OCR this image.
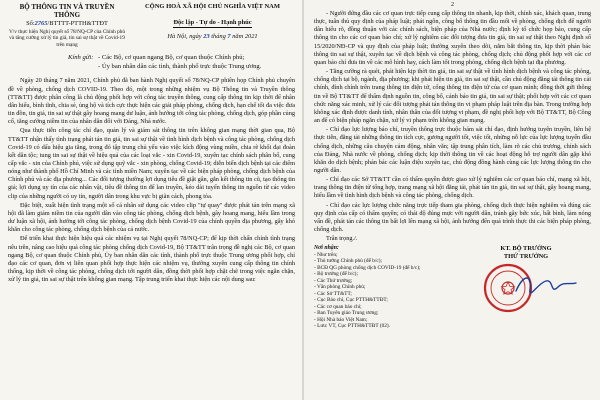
BỘ THÔNG TIN VÀ TRUYỀN THÔNG
Số:2765/BTTTT-PTTH&TTĐT
V/v thực hiện Nghị quyết số 78/NQ-CP của Chính phủ và tăng cường xử lý tin giả, tin sai sự thật về Covid-19 trên mạng
CỘNG HOÀ XÃ HỘI CHỦ NGHĨA VIỆT NAM
Độc lập - Tự do - Hạnh phúc
Hà Nội, ngày 23 tháng 7 năm 2021
Kính gửi: - Các Bộ, cơ quan ngang Bộ, cơ quan thuộc Chính phủ;
- Ủy ban nhân dân các tỉnh, thành phố trực thuộc Trung ương.

Ngày 20 tháng 7 năm 2021, Chính phủ đã ban hành Nghị quyết số 78/NQ-CP phiên họp Chính phủ chuyên đề về phòng, chống dịch COVID-19. Theo đó, một trong những nhiệm vụ Bộ Thông tin và Truyền thông (TT&TT) được phân công là chủ động phối hợp với công tác truyền thông, cung cấp thông tin kịp thời để nhân dân hiểu, bình tĩnh, chia sẻ, ủng hộ và tích cực thực hiện các giải pháp phòng, chống dịch, hạn chế tối đa việc đưa tin đồn, tin giả, tin sai sự thật gây hoang mang dư luận, ảnh hưởng tới công tác phòng, chống dịch, góp phần củng cố, tăng cường niềm tin của nhân dân đối với Đảng, Nhà nước.

Qua thực tiễn công tác chỉ đạo, quản lý và giám sát thông tin trên không gian mạng thời gian qua, Bộ TT&TT nhận thấy tình trạng phát tán tin giả, tin sai sự thật về tình hình dịch bệnh và công tác phòng, chống dịch Covid-19 có dấu hiệu gia tăng, trong đó tập trung chủ yếu vào việc kích động vùng miền, chia rẽ khối đại đoàn kết dân tộc; tung tin sai sự thật về hiệu quả của các loại vắc - xin Covid-19, xuyên tạc chính sách phân bổ, cung cấp vắc - xin của Chính phủ, việc sử dụng quỹ vắc - xin phòng, chống Covid-19; diễn biến dịch bệnh tại các điểm nóng như thành phố Hồ Chí Minh và các tỉnh miền Nam; xuyên tạc về các biện pháp phòng, chống dịch bệnh của Chính phủ và các địa phương... Các đối tượng thường lợi dụng tiêu đề giật gân, gắn kết thông tin cũ, tạo thông tin giả; lợi dụng uy tín của các nhân vật, tiêu đề thông tin để lan truyền, kéo dài tuyến thông tin nguồn từ các video clip của những người có uy tín, người dân trong khu vực bị giãn cách, phong tỏa.

Đặc biệt, xuất hiện tình trạng một số cá nhân sử dụng các video clip "tự quay" được phát tán trên mạng xã hội đã làm giảm niềm tin của người dân vào công tác phòng, chống dịch bệnh, gây hoang mang, hiểu lầm trong dư luận xã hội, ảnh hưởng tới công tác phòng, chống dịch bệnh Covid-19 của chính quyền địa phương, gây khó khăn cho công tác phòng, chống dịch bệnh của cả nước.

Để triển khai thực hiện hiệu quả các nhiệm vụ tại Nghị quyết 78/NQ-CP; để kịp thời chấn chỉnh tình trạng nêu trên, nâng cao hiệu quả công tác phòng chống dịch Covid-19, Bộ TT&TT trân trọng đề nghị các Bộ, cơ quan ngang Bộ, cơ quan thuộc Chính phủ, Ủy ban nhân dân các tỉnh, thành phố trực thuộc Trung ương phối hợp, chỉ đạo các cơ quan, đơn vị liên quan phối hợp thực hiện các nhiệm vụ, thường xuyên cung cấp thông tin chính thống, kịp thời về công tác phòng, chống dịch tới người dân, đồng thời phối hợp chặt chẽ trong việc ngăn chặn, xử lý tin giả, tin sai sự thật trên không gian mạng. Tập trung triển khai thực hiện các nội dung sau:

2

- Người đứng đầu các cơ quan trực tiếp cung cấp thông tin nhanh, kịp thời, chính xác, khách quan, trung thực, tuân thủ quy định của pháp luật; phát ngôn, công bố thông tin đầu mối về phòng, chống dịch để người dân hiểu rõ, đồng thuận với các chính sách, biện pháp của Nhà nước; định kỳ tổ chức họp báo, cung cấp thông tin cho các cơ quan báo chí; xử lý nghiêm các đối tượng đưa tin giả, tin sai sự thật theo Nghị định số 15/2020/NĐ-CP và quy định của pháp luật; thường xuyên theo dõi, nắm bắt thông tin, kịp thời phản bác thông tin sai sự thật, xuyên tạc về dịch bệnh và công tác phòng, chống dịch; chủ động phối hợp với các cơ quan báo chí đưa tin về các mô hình hay, cách làm tốt trong phòng, chống dịch bệnh tại địa phương.

- Tăng cường rà quét, phát hiện kịp thời tin giả, tin sai sự thật về tình hình dịch bệnh và công tác phòng, chống dịch tại bộ, ngành, địa phương; khi phát hiện tin giả, tin sai sự thật, cần chủ động đăng tải thông tin cải chính, đính chính trên trang thông tin điện tử, cổng thông tin điện tử của cơ quan mình; đồng thời gửi thông tin về Bộ TT&TT để thẩm định nguồn tin, công bố, cảnh báo tin giả, tin sai sự thật; phối hợp với các cơ quan chức năng xác minh, xử lý các đối tượng phát tán thông tin vi phạm pháp luật trên địa bàn. Trong trường hợp không xác định được danh tính, nhân thân của đối tượng vi phạm, đề nghị phối hợp với Bộ TT&TT, Bộ Công an để có biện pháp ngăn chặn, xử lý vi phạm trên không gian mạng.

- Chỉ đạo lực lượng báo chí, truyền thông trực thuộc bám sát chỉ đạo, định hướng tuyên truyền, liên hệ thực tiễn, đăng tải những thông tin tích cực, gương người tốt, việc tốt, những nỗ lực của lực lượng tuyến đầu chống dịch, những câu chuyện cảm động, nhân văn; tập trung phân tích, làm rõ các chủ trương, chính sách của Đảng, Nhà nước về phòng, chống dịch; kịp thời thông tin về các hoạt động hỗ trợ người dân gặp khó khăn do dịch bệnh; phản bác các luận điệu xuyên tạc, chủ động đồng hành cùng các lực lượng thông tin cho người dân.

- Chỉ đạo các Sở TT&TT cần có thẩm quyền được giao xử lý nghiêm các cơ quan báo chí, mạng xã hội, trang thông tin điện tử tổng hợp, trang mạng xã hội đăng tải, phát tán tin giả, tin sai sự thật, gây hoang mang, hiểu lầm về tình hình dịch bệnh và công tác phòng, chống dịch.

- Chỉ đạo các lực lượng chức năng trực tiếp tham gia phòng, chống dịch thực hiện nghiêm và đúng các quy định của cấp có thẩm quyền; có thái độ đúng mực với người dân, tránh gây bức xúc, bất bình, làm nóng vấn đề, phát tán các thông tin bất lợi lên mạng xã hội, ảnh hưởng đến quá trình thực thi các biện pháp phòng, chống dịch.

Trân trọng./.

Nơi nhận:
- Như trên;
- Thủ tướng Chính phủ (để b/c);
- BCĐ QG phòng chống dịch COVID-19 (để b/c);
- Bộ trưởng (để b/c);
- Các Thứ trưởng;
- Văn phòng Chính phủ;
- Các Sở TT&TT;
- Cục Báo chí, Cục PTTH&TTĐT;
- Các cơ quan báo chí;
- Ban Tuyên giáo Trung ương;
- Hội Nhà báo Việt Nam;
- Lưu: VT, Cục PTTH&TTĐT (02).
KT. BỘ TRƯỞNG
THỨ TRƯỞNG
